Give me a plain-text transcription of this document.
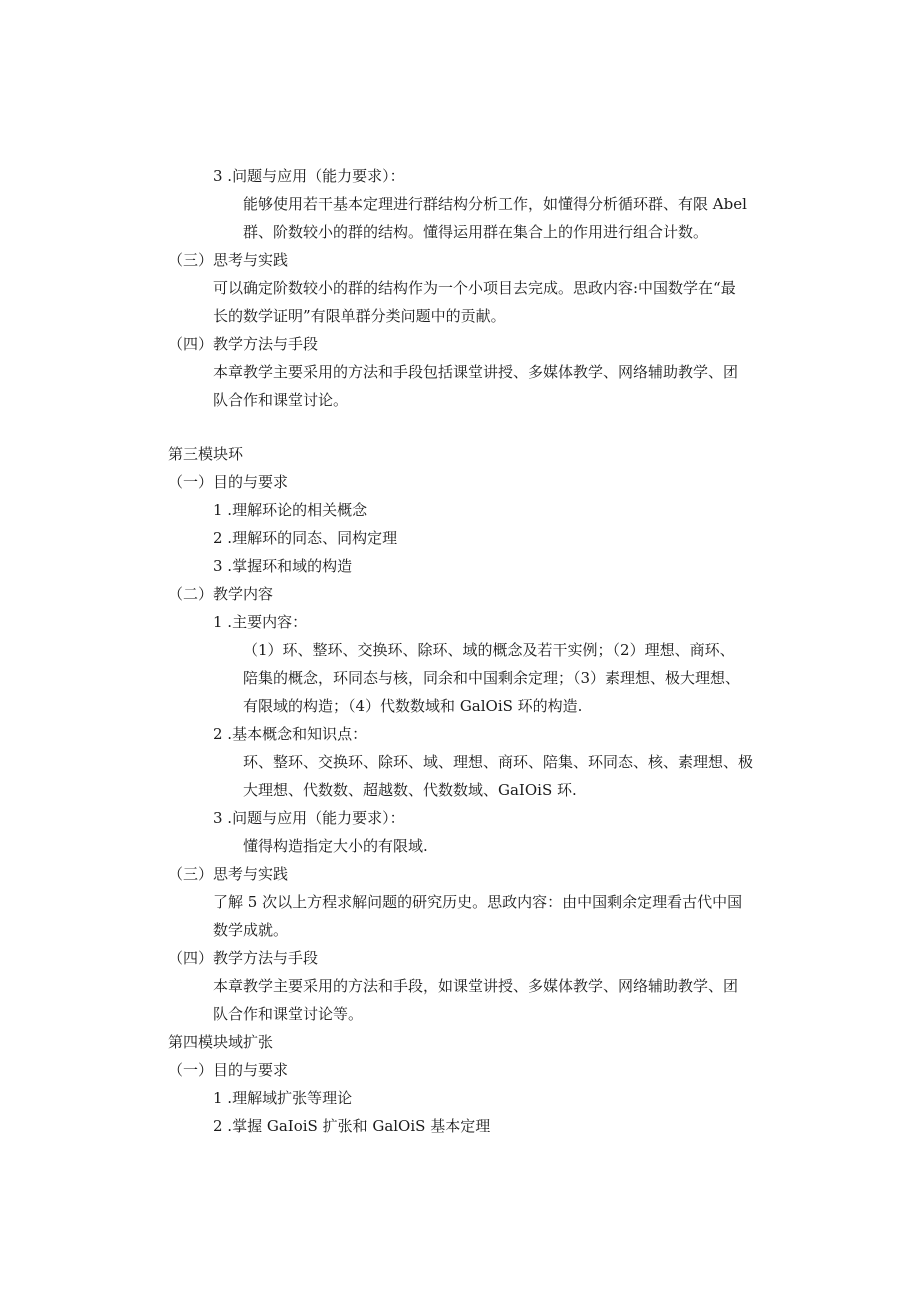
3 .问题与应用（能力要求）：
能够使用若干基本定理进行群结构分析工作，如懂得分析循环群、有限 Abel
群、阶数较小的群的结构。懂得运用群在集合上的作用进行组合计数。
（三）思考与实践
可以确定阶数较小的群的结构作为一个小项目去完成。思政内容:中国数学在“最
长的数学证明”有限单群分类问题中的贡献。
（四）教学方法与手段
本章教学主要采用的方法和手段包括课堂讲授、多媒体教学、网络辅助教学、团
队合作和课堂讨论。
第三模块环
（一）目的与要求
1 .理解环论的相关概念
2 .理解环的同态、同构定理
3 .掌握环和域的构造
（二）教学内容
1 .主要内容：
（1）环、整环、交换环、除环、域的概念及若干实例；（2）理想、商环、
陪集的概念，环同态与核，同余和中国剩余定理；（3）素理想、极大理想、
有限域的构造；（4）代数数域和 GalOiS 环的构造.
2 .基本概念和知识点：
环、整环、交换环、除环、域、理想、商环、陪集、环同态、核、素理想、极
大理想、代数数、超越数、代数数域、GaIOiS 环.
3 .问题与应用（能力要求）：
懂得构造指定大小的有限域.
（三）思考与实践
了解 5 次以上方程求解问题的研究历史。思政内容：由中国剩余定理看古代中国
数学成就。
（四）教学方法与手段
本章教学主要采用的方法和手段，如课堂讲授、多媒体教学、网络辅助教学、团
队合作和课堂讨论等。
第四模块域扩张
（一）目的与要求
1 .理解域扩张等理论
2 .掌握 GaIoiS 扩张和 GalOiS 基本定理
